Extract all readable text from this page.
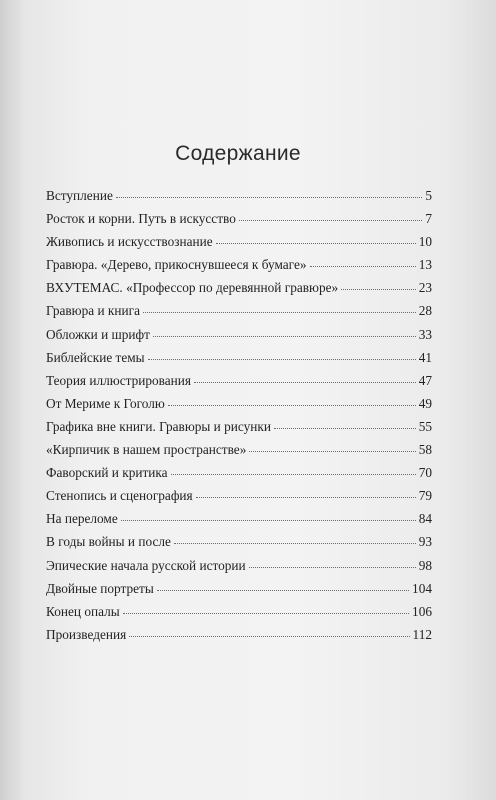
Содержание
Вступление	5
Росток и корни. Путь в искусство	7
Живопись и искусствознание	10
Гравюра. «Дерево, прикоснувшееся к бумаге»	13
ВХУТЕМАС. «Профессор по деревянной гравюре»	23
Гравюра и книга	28
Обложки и шрифт	33
Библейские темы	41
Теория иллюстрирования	47
От Мериме к Гоголю	49
Графика вне книги. Гравюры и рисунки	55
«Кирпичик в нашем пространстве»	58
Фаворский и критика	70
Стенопись и сценография	79
На переломе	84
В годы войны и после	93
Эпические начала русской истории	98
Двойные портреты	104
Конец опалы	106
Произведения	112
